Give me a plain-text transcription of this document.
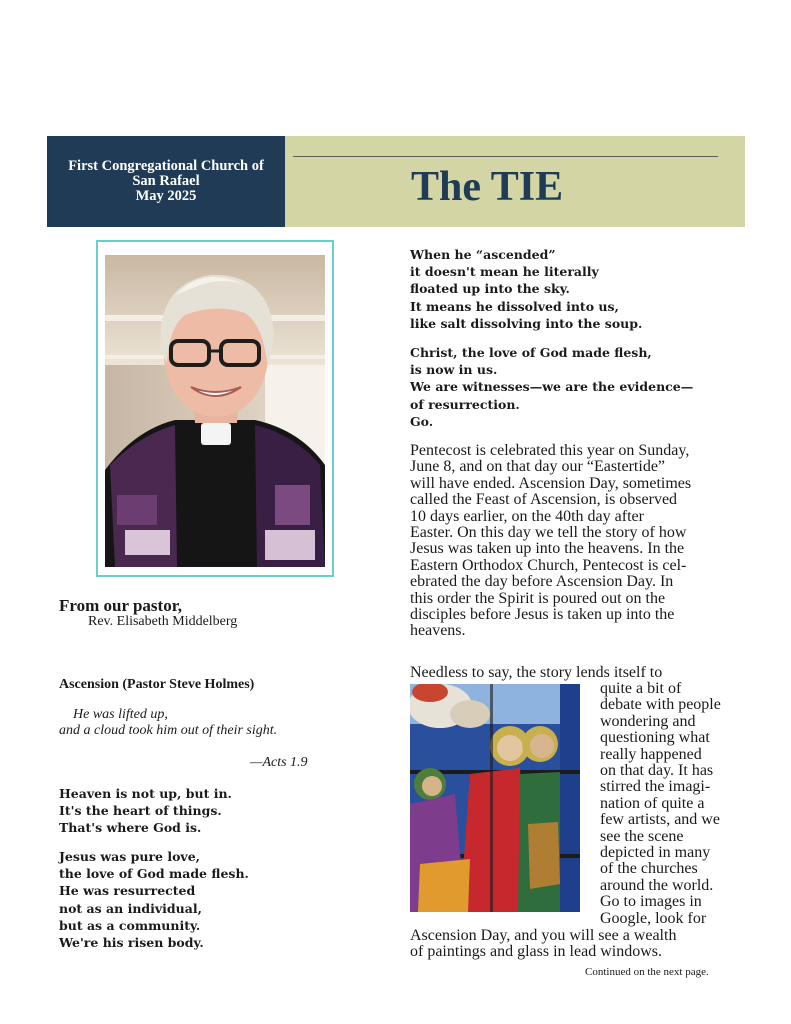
First Congregational Church of
San Rafael
May 2025	The TIE
From our pastor,
Rev. Elisabeth Middelberg
Ascension (Pastor Steve Holmes)
He was lifted up,
and a cloud took him out of their sight.
—Acts 1.9
Heaven is not up, but in.
It's the heart of things.
That's where God is.
Jesus was pure love,
the love of God made flesh.
He was resurrected
not as an individual,
but as a community.
We're his risen body.
When he “ascended”
it doesn't mean he literally
floated up into the sky.
It means he dissolved into us,
like salt dissolving into the soup.
Christ, the love of God made flesh,
is now in us.
We are witnesses—we are the evidence—
of resurrection.
Go.
Pentecost is celebrated this year on Sunday,
June 8, and on that day our “Eastertide”
will have ended. Ascension Day, sometimes
called the Feast of Ascension, is observed
10 days earlier, on the 40th day after
Easter. On this day we tell the story of how
Jesus was taken up into the heavens. In the
Eastern Orthodox Church, Pentecost is cel-
ebrated the day before Ascension Day. In
this order the Spirit is poured out on the
disciples before Jesus is taken up into the
heavens.
Needless to say, the story lends itself to
quite a bit of
debate with people
wondering and
questioning what
really happened
on that day. It has
stirred the imagi-
nation of quite a
few artists, and we
see the scene
depicted in many
of the churches
around the world.
Go to images in
Google, look for
Ascension Day, and you will see a wealth
of paintings and glass in lead windows.
Continued on the next page.
